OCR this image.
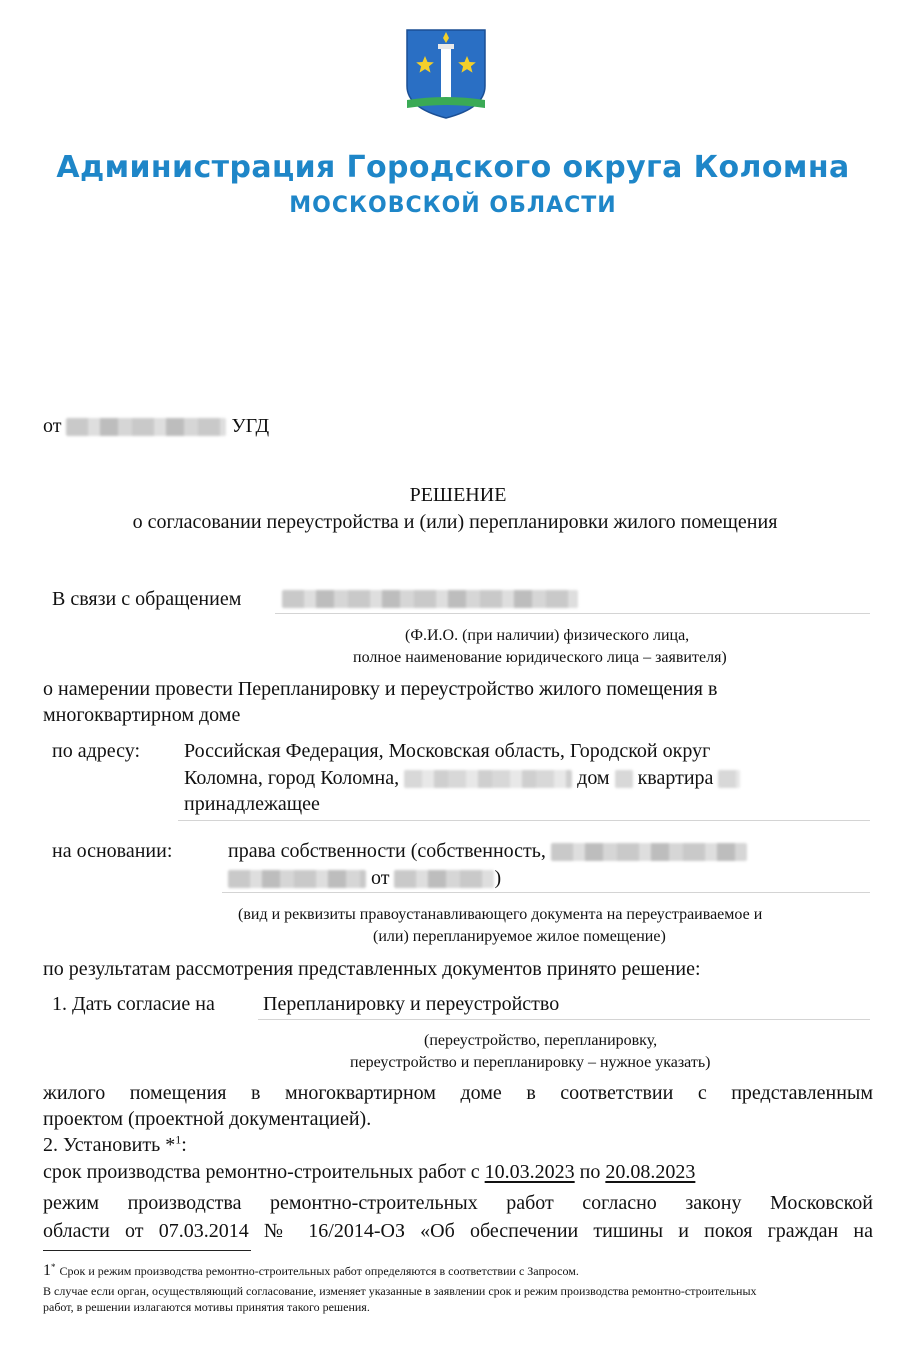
Администрация Городского округа Коломна
МОСКОВСКОЙ ОБЛАСТИ
от	УГД
РЕШЕНИЕ
о согласовании переустройства и (или) перепланировки жилого помещения
В связи с обращением
(Ф.И.О. (при наличии) физического лица,
полное наименование юридического лица – заявителя)
о намерении провести Перепланировку и переустройство жилого помещения в
многоквартирном доме
по адресу: Российская Федерация, Московская область, Городской округ
Коломна, город Коломна,	дом квартира
принадлежащее
на основании:	права собственности (собственность,
от	)
(вид и реквизиты правоустанавливающего документа на переустраиваемое и
(или) перепланируемое жилое помещение)
по результатам рассмотрения представленных документов принято решение:
1. Дать согласие на Перепланировку и переустройство
(переустройство, перепланировку,
переустройство и перепланировку – нужное указать)
жилого помещения в многоквартирном доме в соответствии с представленным
проектом (проектной документацией).
2. Установить *$^1$:
срок производства ремонтно-строительных работ с 10.03.2023 по 20.08.2023
режим производства ремонтно-строительных работ согласно закону Московской
области от 07.03.2014 № 16/2014-ОЗ «Об обеспечении тишины и покоя граждан на
1* Срок и режим производства ремонтно-строительных работ определяются в соответствии с Запросом.
В случае если орган, осуществляющий согласование, изменяет указанные в заявлении срок и режим производства ремонтно-строительных
работ, в решении излагаются мотивы принятия такого решения.
